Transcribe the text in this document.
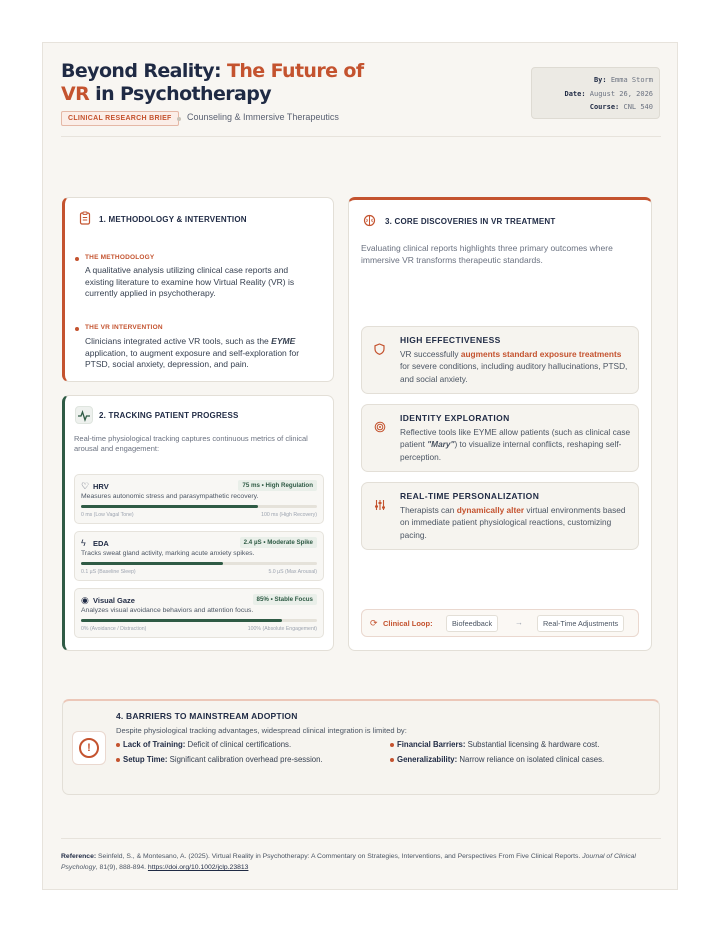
Beyond Reality: The Future of VR in Psychotherapy
CLINICAL RESEARCH BRIEF	Counseling & Immersive Therapeutics
By: Emma Storm
Date: August 26, 2026
Course: CNL 540
1. METHODOLOGY & INTERVENTION
THE METHODOLOGY
A qualitative analysis utilizing clinical case reports and existing literature to examine how Virtual Reality (VR) is currently applied in psychotherapy.
THE VR INTERVENTION
Clinicians integrated active VR tools, such as the EYME application, to augment exposure and self-exploration for PTSD, social anxiety, depression, and pain.
2. TRACKING PATIENT PROGRESS
Real-time physiological tracking captures continuous metrics of clinical arousal and engagement:
♡ HRV	75 ms • High Regulation
Measures autonomic stress and parasympathetic recovery.
0 ms (Low Vagal Tone)	100 ms (High Recovery)
ϟ EDA	2.4 µS • Moderate Spike
Tracks sweat gland activity, marking acute anxiety spikes.
0.1 µS (Baseline Sleep)	5.0 µS (Max Arousal)
◉ Visual Gaze	85% • Stable Focus
Analyzes visual avoidance behaviors and attention focus.
0% (Avoidance / Distraction)	100% (Absolute Engagement)
3. CORE DISCOVERIES IN VR TREATMENT
Evaluating clinical reports highlights three primary outcomes where immersive VR transforms therapeutic standards.
HIGH EFFECTIVENESS
VR successfully augments standard exposure treatments for severe conditions, including auditory hallucinations, PTSD, and social anxiety.
IDENTITY EXPLORATION
Reflective tools like EYME allow patients (such as clinical case patient "Mary") to visualize internal conflicts, reshaping self-perception.
REAL-TIME PERSONALIZATION
Therapists can dynamically alter virtual environments based on immediate patient physiological reactions, customizing pacing.
⟳ Clinical Loop:	Biofeedback	→	Real-Time Adjustments
!
4. BARRIERS TO MAINSTREAM ADOPTION
Despite physiological tracking advantages, widespread clinical integration is limited by:
Lack of Training: Deficit of clinical certifications.	Financial Barriers: Substantial licensing & hardware cost.
Setup Time: Significant calibration overhead pre-session.	Generalizability: Narrow reliance on isolated clinical cases.
Reference: Seinfeld, S., & Montesano, A. (2025). Virtual Reality in Psychotherapy: A Commentary on Strategies, Interventions, and Perspectives From Five Clinical Reports. Journal of Clinical Psychology, 81(9), 888-894. https://doi.org/10.1002/jclp.23813
